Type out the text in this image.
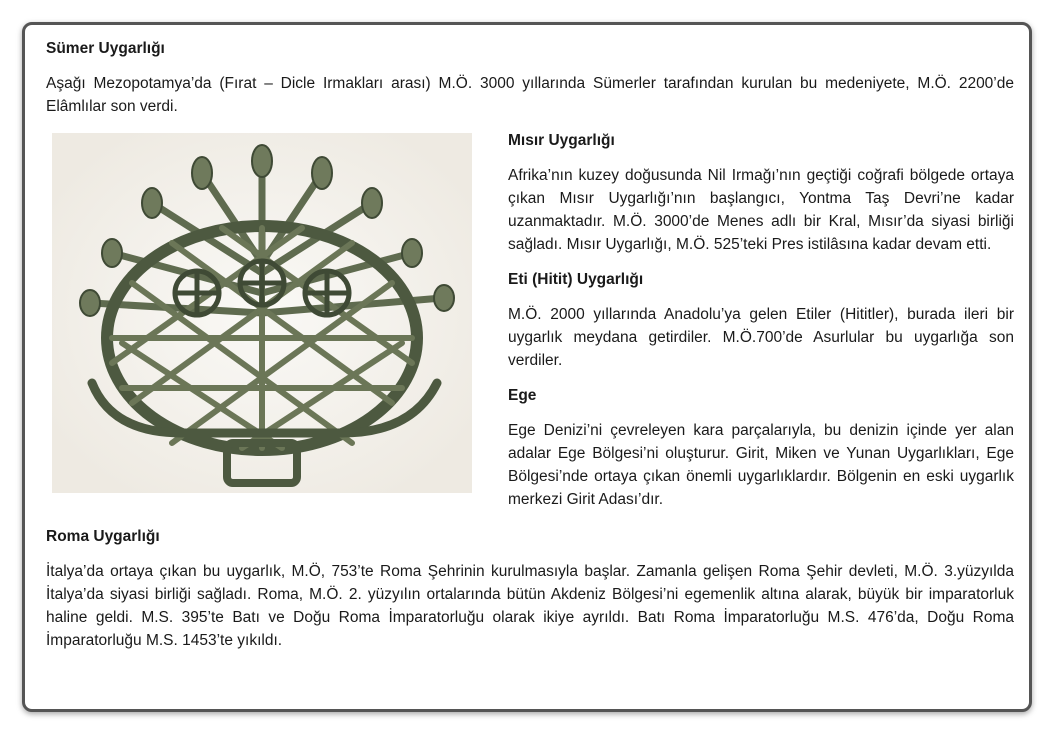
Sümer Uygarlığı

Aşağı Mezopotamya’da (Fırat – Dicle Irmakları arası) M.Ö. 3000 yıllarında Sümerler tarafından kurulan bu medeniyete, M.Ö. 2200’de Elâmlılar son verdi.

Mısır Uygarlığı

Afrika’nın kuzey doğusunda Nil Irmağı’nın geçtiği coğrafi bölgede ortaya çıkan Mısır Uygarlığı’nın başlangıcı, Yontma Taş Devri’ne kadar uzanmaktadır. M.Ö. 3000’de Menes adlı bir Kral, Mısır’da siyasi birliği sağladı. Mısır Uygarlığı, M.Ö. 525’teki Pres istilâsına kadar devam etti.

Eti (Hitit) Uygarlığı

M.Ö. 2000 yıllarında Anadolu’ya gelen Etiler (Hititler), burada ileri bir uygarlık meydana getirdiler. M.Ö.700’de Asurlular bu uygarlığa son verdiler.

Ege

Ege Denizi’ni çevreleyen kara parçalarıyla, bu denizin içinde yer alan adalar Ege Bölgesi’ni oluşturur. Girit, Miken ve Yunan Uygarlıkları, Ege Bölgesi’nde ortaya çıkan önemli uygarlıklardır. Bölgenin en eski uygarlık merkezi Girit Adası’dır.

Roma Uygarlığı

İtalya’da ortaya çıkan bu uygarlık, M.Ö, 753’te Roma Şehrinin kurulmasıyla başlar. Zamanla gelişen Roma Şehir devleti, M.Ö. 3.yüzyılda İtalya’da siyasi birliği sağladı. Roma, M.Ö. 2. yüzyılın ortalarında bütün Akdeniz Bölgesi’ni egemenlik altına alarak, büyük bir imparatorluk haline geldi. M.S. 395’te Batı ve Doğu Roma İmparatorluğu olarak ikiye ayrıldı. Batı Roma İmparatorluğu M.S. 476’da, Doğu Roma İmparatorluğu M.S. 1453’te yıkıldı.
